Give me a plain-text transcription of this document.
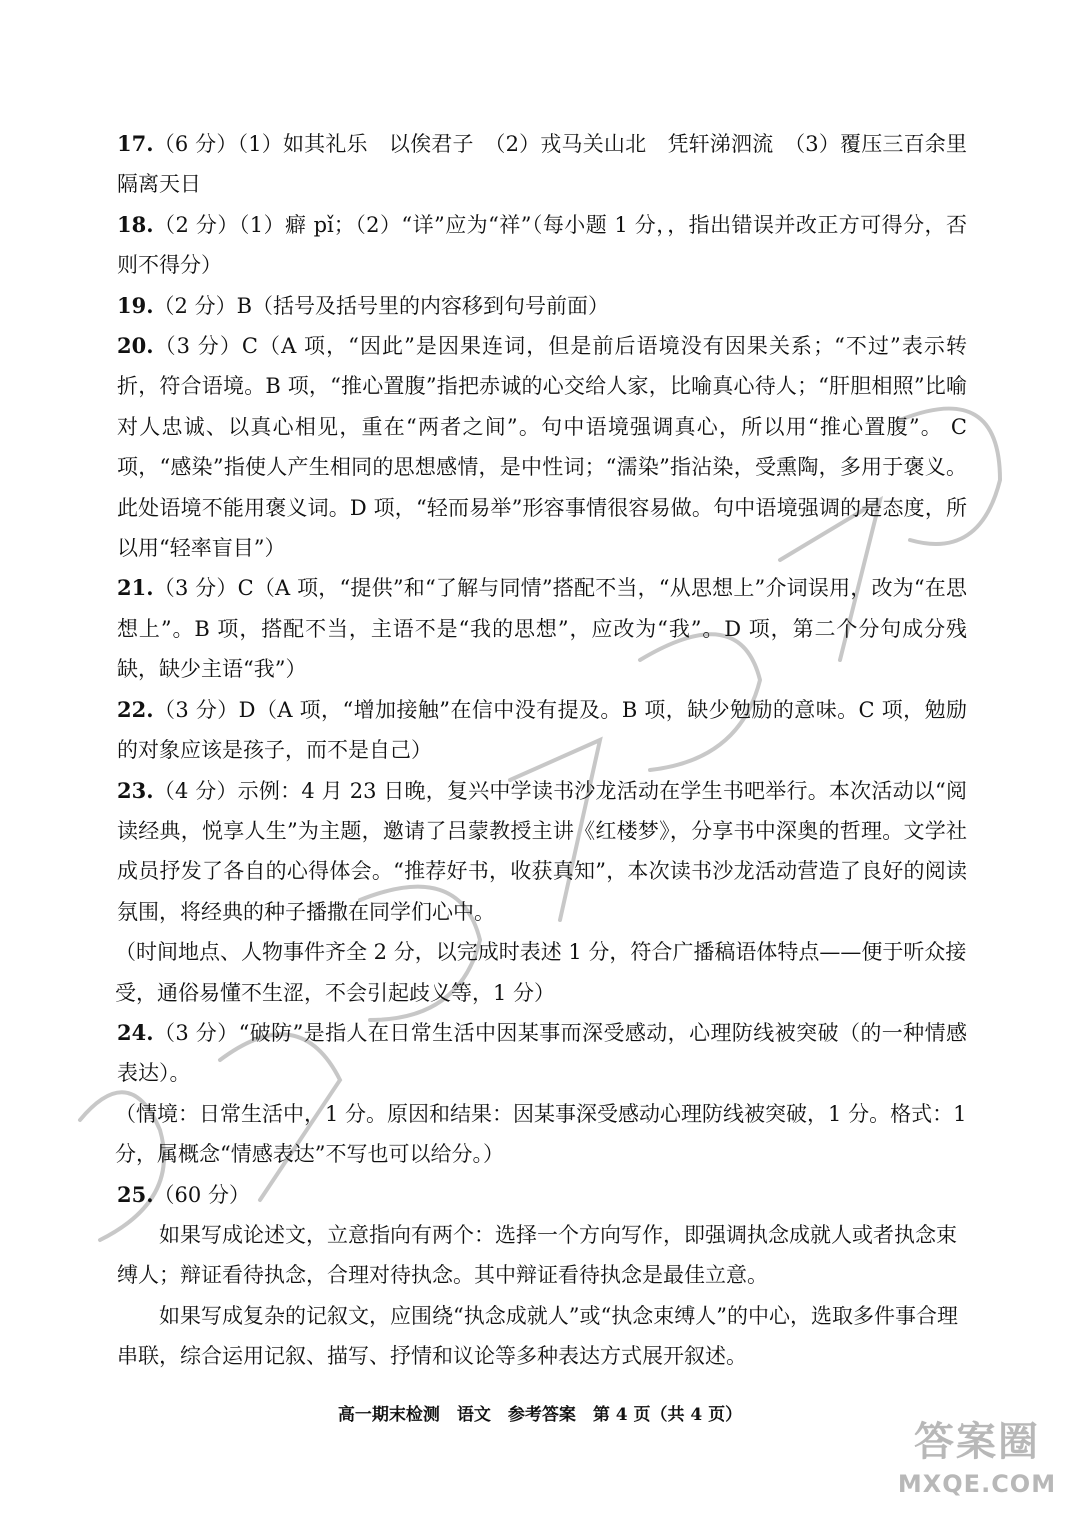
17.（6 分）（1）如其礼乐　以俟君子　（2）戎马关山北　凭轩涕泗流　（3）覆压三百余里 隔离天日

18.（2 分）（1）癖 pǐ；（2）“详”应为“祥”（每小题 1 分，，指出错误并改正方可得分，否则不得分）

19.（2 分）B（括号及括号里的内容移到句号前面）

20.（3 分）C（A 项，“因此”是因果连词，但是前后语境没有因果关系；“不过”表示转折，符合语境。B 项，“推心置腹”指把赤诚的心交给人家，比喻真心待人；“肝胆相照”比喻对人忠诚、以真心相见，重在“两者之间”。句中语境强调真心，所以用“推心置腹”。 C 项，“感染”指使人产生相同的思想感情，是中性词；“濡染”指沾染，受熏陶，多用于褒义。此处语境不能用褒义词。D 项，“轻而易举”形容事情很容易做。句中语境强调的是态度，所以用“轻率盲目”）

21.（3 分）C（A 项，“提供”和“了解与同情”搭配不当，“从思想上”介词误用，改为“在思想上”。B 项，搭配不当，主语不是“我的思想”，应改为“我”。D 项，第二个分句成分残缺，缺少主语“我”）

22.（3 分）D（A 项，“增加接触”在信中没有提及。B 项，缺少勉励的意味。C 项，勉励的对象应该是孩子，而不是自己）

23.（4 分）示例：4 月 23 日晚，复兴中学读书沙龙活动在学生书吧举行。本次活动以“阅读经典，悦享人生”为主题，邀请了吕蒙教授主讲《红楼梦》，分享书中深奥的哲理。文学社成员抒发了各自的心得体会。“推荐好书，收获真知”，本次读书沙龙活动营造了良好的阅读氛围，将经典的种子播撒在同学们心中。

（时间地点、人物事件齐全 2 分，以完成时表述 1 分，符合广播稿语体特点——便于听众接受，通俗易懂不生涩，不会引起歧义等，1 分）

24.（3 分）“破防”是指人在日常生活中因某事而深受感动，心理防线被突破（的一种情感表达）。

（情境：日常生活中，1 分。原因和结果：因某事深受感动心理防线被突破，1 分。格式：1 分，属概念“情感表达”不写也可以给分。）

25.（60 分）

如果写成论述文，立意指向有两个：选择一个方向写作，即强调执念成就人或者执念束缚人；辩证看待执念，合理对待执念。其中辩证看待执念是最佳立意。

如果写成复杂的记叙文，应围绕“执念成就人”或“执念束缚人”的中心，选取多件事合理串联，综合运用记叙、描写、抒情和议论等多种表达方式展开叙述。

高一期末检测　语文　参考答案　第 4 页（共 4 页）
答案圈
MXQE.COM
